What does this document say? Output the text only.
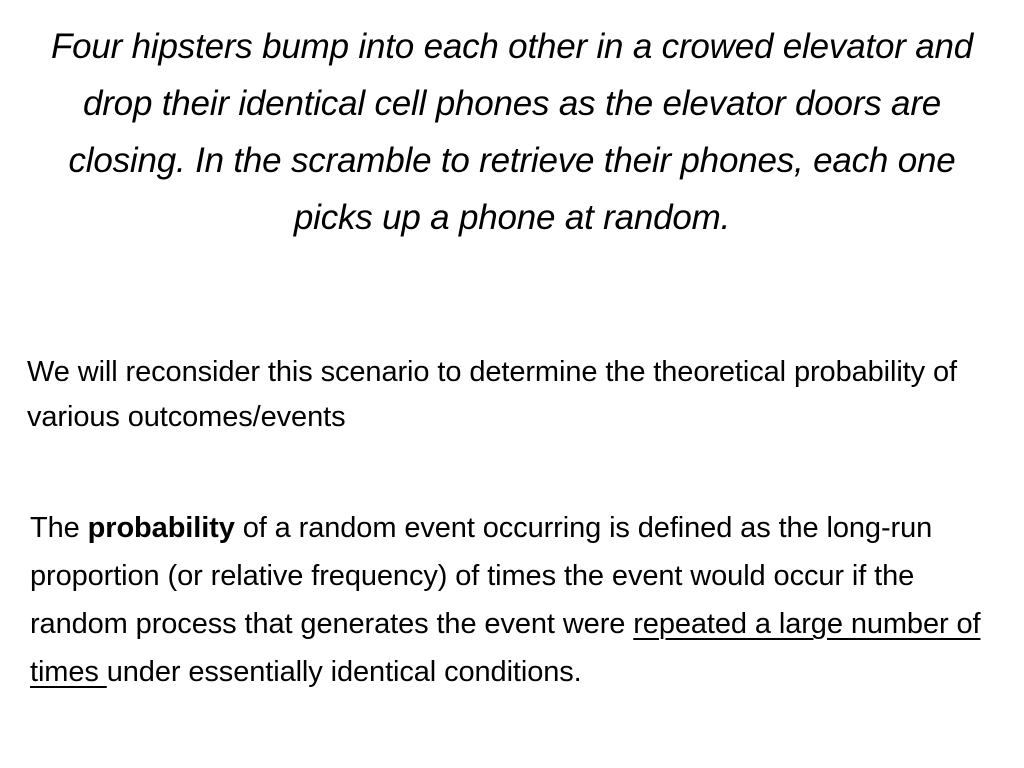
Four hipsters bump into each other in a crowed elevator and drop their identical cell phones as the elevator doors are closing. In the scramble to retrieve their phones, each one picks up a phone at random.
We will reconsider this scenario to determine the theoretical probability of various outcomes/events
The probability of a random event occurring is defined as the long-run proportion (or relative frequency) of times the event would occur if the random process that generates the event were repeated a large number of times under essentially identical conditions.
